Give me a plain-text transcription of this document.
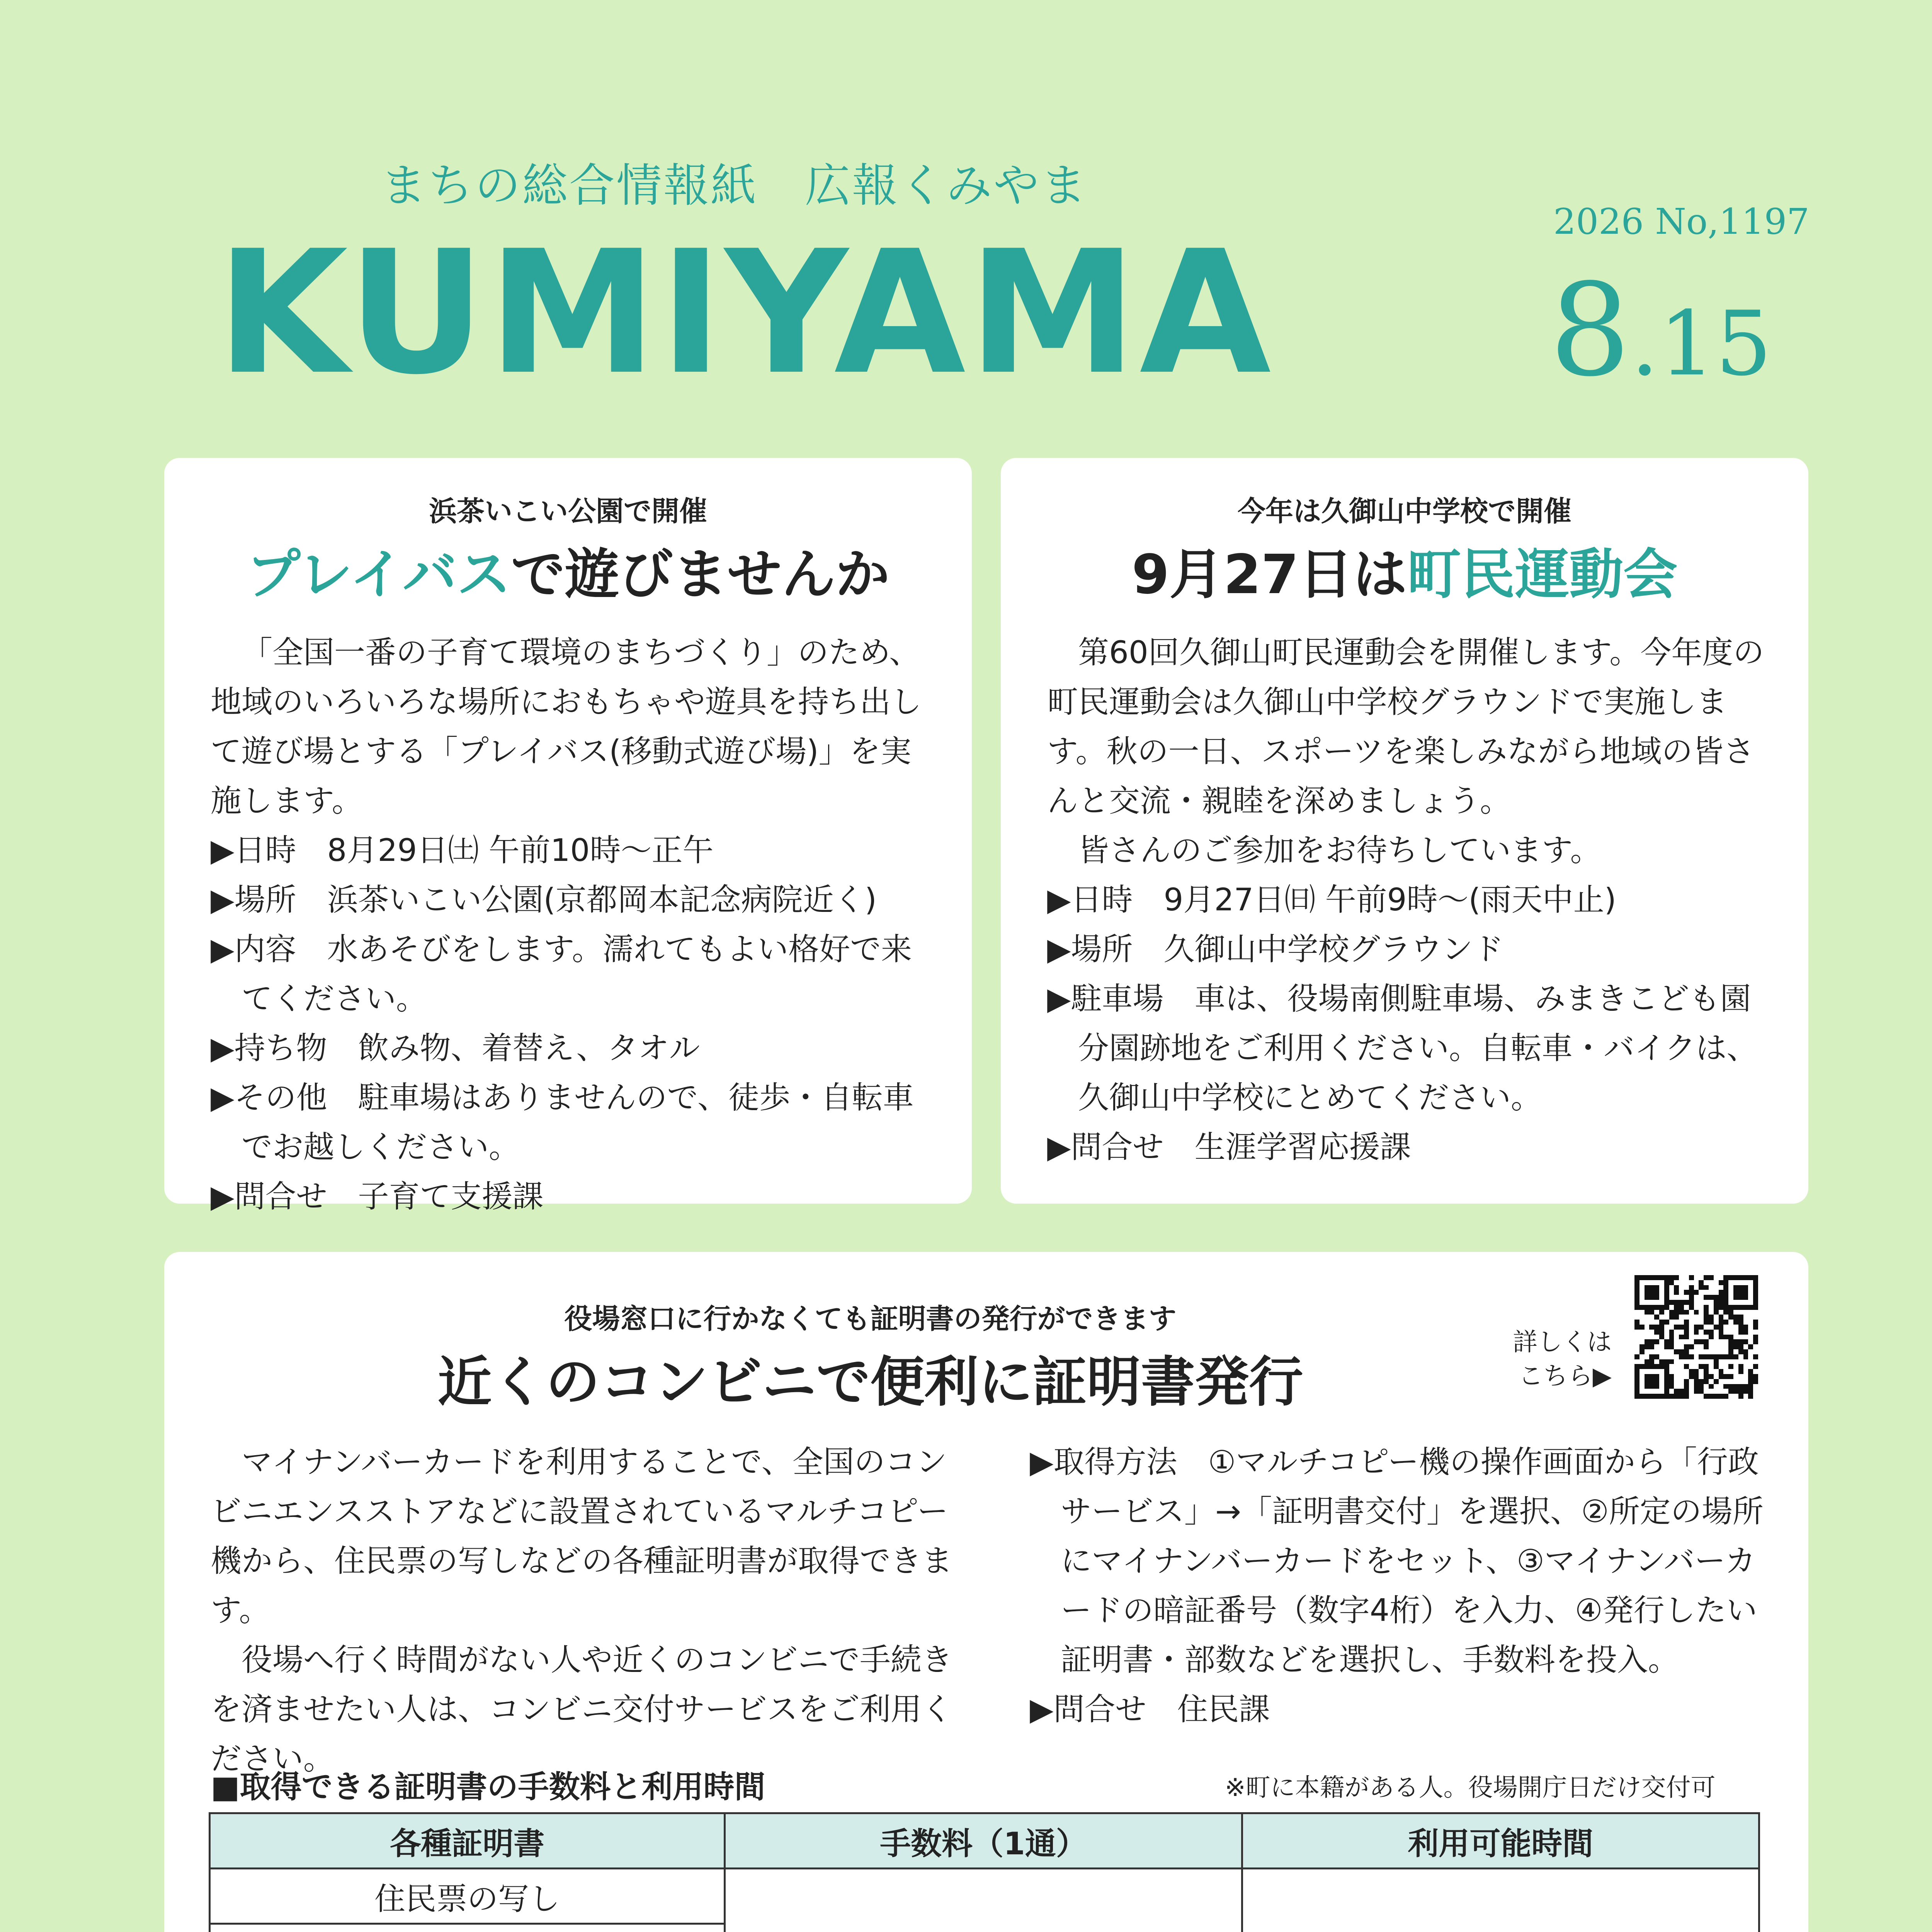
まちの総合情報紙　広報くみやま
KUMIYAMA	2026 No,1197
8.15
浜茶いこい公園で開催
プレイバスで遊びませんか

「全国一番の子育て環境のまちづくり」のため、地域のいろいろな場所におもちゃや遊具を持ち出して遊び場とする「プレイバス(移動式遊び場)」を実施します。

▶日時　8月29日㈯ 午前10時～正午

▶場所　浜茶いこい公園(京都岡本記念病院近く)

▶内容　水あそびをします。濡れてもよい格好で来てください。

▶持ち物　飲み物、着替え、タオル

▶その他　駐車場はありませんので、徒歩・自転車でお越しください。

▶問合せ　子育て支援課

今年は久御山中学校で開催
9月27日は町民運動会

第60回久御山町民運動会を開催します。今年度の町民運動会は久御山中学校グラウンドで実施します。秋の一日、スポーツを楽しみながら地域の皆さんと交流・親睦を深めましょう。

皆さんのご参加をお待ちしています。

▶日時　9月27日㈰ 午前9時～(雨天中止)

▶場所　久御山中学校グラウンド

▶駐車場　車は、役場南側駐車場、みまきこども園分園跡地をご利用ください。自転車・バイクは、久御山中学校にとめてください。

▶問合せ　生涯学習応援課

役場窓口に行かなくても証明書の発行ができます
近くのコンビニで便利に証明書発行
詳しくは
こちら▶

マイナンバーカードを利用することで、全国のコンビニエンスストアなどに設置されているマルチコピー機から、住民票の写しなどの各種証明書が取得できます。

役場へ行く時間がない人や近くのコンビニで手続きを済ませたい人は、コンビニ交付サービスをご利用ください。

▶取得方法　①マルチコピー機の操作画面から「行政サービス」→「証明書交付」を選択、②所定の場所にマイナンバーカードをセット、③マイナンバーカードの暗証番号（数字4桁）を入力、④発行したい証明書・部数などを選択し、手数料を投入。

▶問合せ　住民課

■取得できる証明書の手数料と利用時間	※町に本籍がある人。役場開庁日だけ交付可
各種証明書	手数料（1通）	利用可能時間
住民票の写し		
